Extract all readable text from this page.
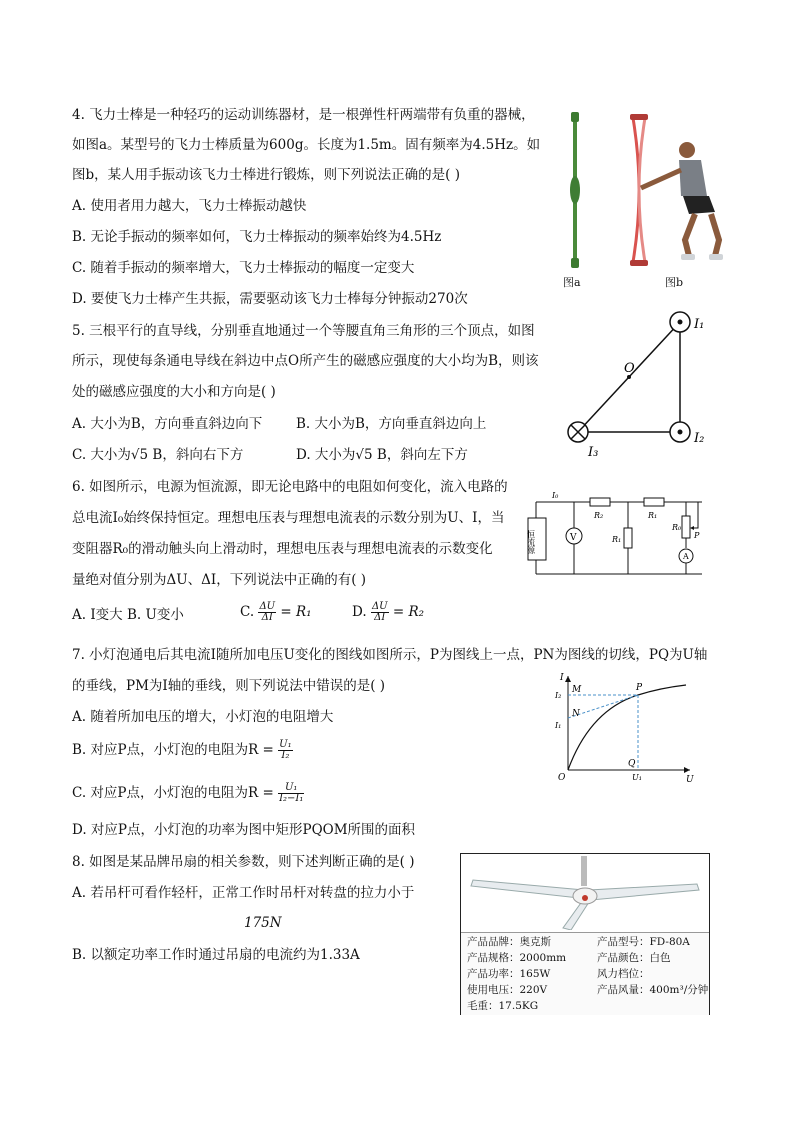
4. 飞力士棒是一种轻巧的运动训练器材，是一根弹性杆两端带有负重的器械，
如图a。某型号的飞力士棒质量为600g。长度为1.5m。固有频率为4.5Hz。如
图b，某人用手振动该飞力士棒进行锻炼，则下列说法正确的是( )
A. 使用者用力越大，飞力士棒振动越快
B. 无论手振动的频率如何，飞力士棒振动的频率始终为4.5Hz
C. 随着手振动的频率增大，飞力士棒振动的幅度一定变大
D. 要使飞力士棒产生共振，需要驱动该飞力士棒每分钟振动270次
图a	图b
5. 三根平行的直导线，分别垂直地通过一个等腰直角三角形的三个顶点，如图
所示，现使每条通电导线在斜边中点O所产生的磁感应强度的大小均为B，则该
处的磁感应强度的大小和方向是( )
A. 大小为B，方向垂直斜边向下 B. 大小为B，方向垂直斜边向上
C. 大小为√5 B，斜向右下方	D. 大小为√5 B，斜向左下方
O
I₁
I₂
I₃
6. 如图所示，电源为恒流源，即无论电路中的电阻如何变化，流入电路的
总电流I₀始终保持恒定。理想电压表与理想电流表的示数分别为U、I，当
变阻器R₀的滑动触头向上滑动时，理想电压表与理想电流表的示数变化
量绝对值分别为ΔU、ΔI，下列说法中正确的有( )
A. I变大 B. U变小	C. $\frac{\Delta U}{\Delta I} = R_1$	D. $\frac{\Delta U}{\Delta I} = R_2$
恒流源
I₀
V
R₂
R₁
R₁
R₀
P
A
7. 小灯泡通电后其电流I随所加电压U变化的图线如图所示，P为图线上一点，PN为图线的切线，PQ为U轴
的垂线，PM为I轴的垂线，则下列说法中错误的是( )
A. 随着所加电压的增大，小灯泡的电阻增大
B. 对应P点，小灯泡的电阻为$R = \frac{\text{U₁}}{\text{I₂}}$
C. 对应P点，小灯泡的电阻为$R = \frac{\text{U₁}}{\text{I₂−I₁}}$
D. 对应P点，小灯泡的功率为图中矩形PQOM所围的面积
I
U
O
M	P
N
Q
I₁
I₂
U₁
8. 如图是某品牌吊扇的相关参数，则下述判断正确的是( )
A. 若吊杆可看作轻杆，正常工作时吊杆对转盘的拉力小于
175N
B. 以额定功率工作时通过吊扇的电流约为1.33A
产品品牌：奥克斯	产品型号：FD-80A
产品规格：2000mm	产品颜色：白色
产品功率：165W	风力档位：
使用电压：220V	产品风量：400m³/分钟
毛重：17.5KG
